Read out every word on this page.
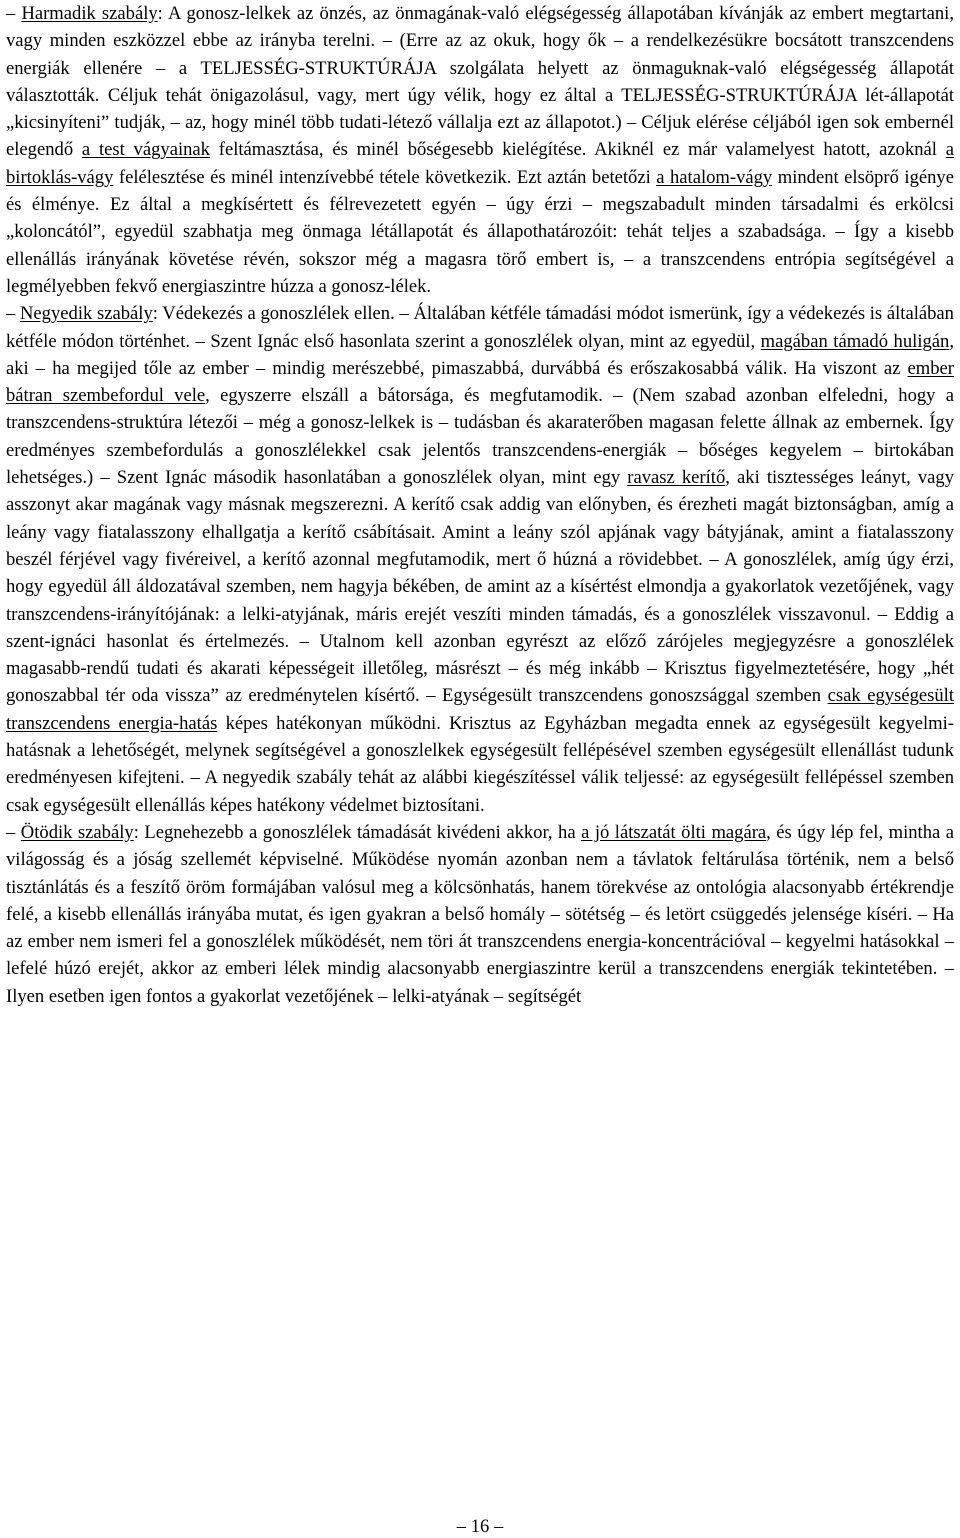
– Harmadik szabály: A gonosz-lelkek az önzés, az önmagának-való elégségesség állapotában kívánják az embert megtartani, vagy minden eszközzel ebbe az irányba terelni. – (Erre az az okuk, hogy ők – a rendelkezésükre bocsátott transzcendens energiák ellenére – a TELJESSÉG-STRUKTÚRÁJA szolgálata helyett az önmaguknak-való elégségesség állapotát választották. Céljuk tehát önigazolásul, vagy, mert úgy vélik, hogy ez által a TELJESSÉG-STRUKTÚRÁJA lét-állapotát „kicsinyíteni” tudják, – az, hogy minél több tudati-létező vállalja ezt az állapotot.) – Céljuk elérése céljából igen sok embernél elegendő a test vágyainak feltámasztása, és minél bőségesebb kielégítése. Akiknél ez már valamelyest hatott, azoknál a birtoklás-vágy felélesztése és minél intenzívebbé tétele következik. Ezt aztán betetőzi a hatalom-vágy mindent elsöprő igénye és élménye. Ez által a megkísértett és félrevezetett egyén – úgy érzi – megszabadult minden társadalmi és erkölcsi „koloncától”, egyedül szabhatja meg önmaga létállapotát és állapothatározóit: tehát teljes a szabadsága. – Így a kisebb ellenállás irányának követése révén, sokszor még a magasra törő embert is, – a transzcendens entrópia segítségével a legmélyebben fekvő energiaszintre húzza a gonosz-lélek.

– Negyedik szabály: Védekezés a gonoszlélek ellen. – Általában kétféle támadási módot ismerünk, így a védekezés is általában kétféle módon történhet. – Szent Ignác első hasonlata szerint a gonoszlélek olyan, mint az egyedül, magában támadó huligán, aki – ha megijed tőle az ember – mindig merészebbé, pimaszabbá, durvábbá és erőszakosabbá válik. Ha viszont az ember bátran szembefordul vele, egyszerre elszáll a bátorsága, és megfutamodik. – (Nem szabad azonban elfeledni, hogy a transzcendens-struktúra létezői – még a gonosz-lelkek is – tudásban és akaraterőben magasan felette állnak az embernek. Így eredményes szembefordulás a gonoszlélekkel csak jelentős transzcendens-energiák – bőséges kegyelem – birtokában lehetséges.) – Szent Ignác második hasonlatában a gonoszlélek olyan, mint egy ravasz kerítő, aki tisztességes leányt, vagy asszonyt akar magának vagy másnak megszerezni. A kerítő csak addig van előnyben, és érezheti magát biztonságban, amíg a leány vagy fiatalasszony elhallgatja a kerítő csábításait. Amint a leány szól apjának vagy bátyjának, amint a fiatalasszony beszél férjével vagy fivéreivel, a kerítő azonnal megfutamodik, mert ő húzná a rövidebbet. – A gonoszlélek, amíg úgy érzi, hogy egyedül áll áldozatával szemben, nem hagyja békében, de amint az a kísértést elmondja a gyakorlatok vezetőjének, vagy transzcendens-irányítójának: a lelki-atyjának, máris erejét veszíti minden támadás, és a gonoszlélek visszavonul. – Eddig a szent-ignáci hasonlat és értelmezés. – Utalnom kell azonban egyrészt az előző zárójeles megjegyzésre a gonoszlélek magasabb-rendű tudati és akarati képességeit illetőleg, másrészt – és még inkább – Krisztus figyelmeztetésére, hogy „hét gonoszabbal tér oda vissza” az eredménytelen kísértő. – Egységesült transzcendens gonoszsággal szemben csak egységesült transzcendens energia-hatás képes hatékonyan működni. Krisztus az Egyházban megadta ennek az egységesült kegyelmi-hatásnak a lehetőségét, melynek segítségével a gonoszlelkek egységesült fellépésével szemben egységesült ellenállást tudunk eredményesen kifejteni. – A negyedik szabály tehát az alábbi kiegészítéssel válik teljessé: az egységesült fellépéssel szemben csak egységesült ellenállás képes hatékony védelmet biztosítani.

– Ötödik szabály: Legnehezebb a gonoszlélek támadását kivédeni akkor, ha a jó látszatát ölti magára, és úgy lép fel, mintha a világosság és a jóság szellemét képviselné. Működése nyomán azonban nem a távlatok feltárulása történik, nem a belső tisztánlátás és a feszítő öröm formájában valósul meg a kölcsönhatás, hanem törekvése az ontológia alacsonyabb értékrendje felé, a kisebb ellenállás irányába mutat, és igen gyakran a belső homály – sötétség – és letört csüggedés jelensége kíséri. – Ha az ember nem ismeri fel a gonoszlélek működését, nem töri át transzcendens energia-koncentrációval – kegyelmi hatásokkal – lefelé húzó erejét, akkor az emberi lélek mindig alacsonyabb energiaszintre kerül a transzcendens energiák tekintetében. – Ilyen esetben igen fontos a gyakorlat vezetőjének – lelki-atyának – segítségét

– 16 –
